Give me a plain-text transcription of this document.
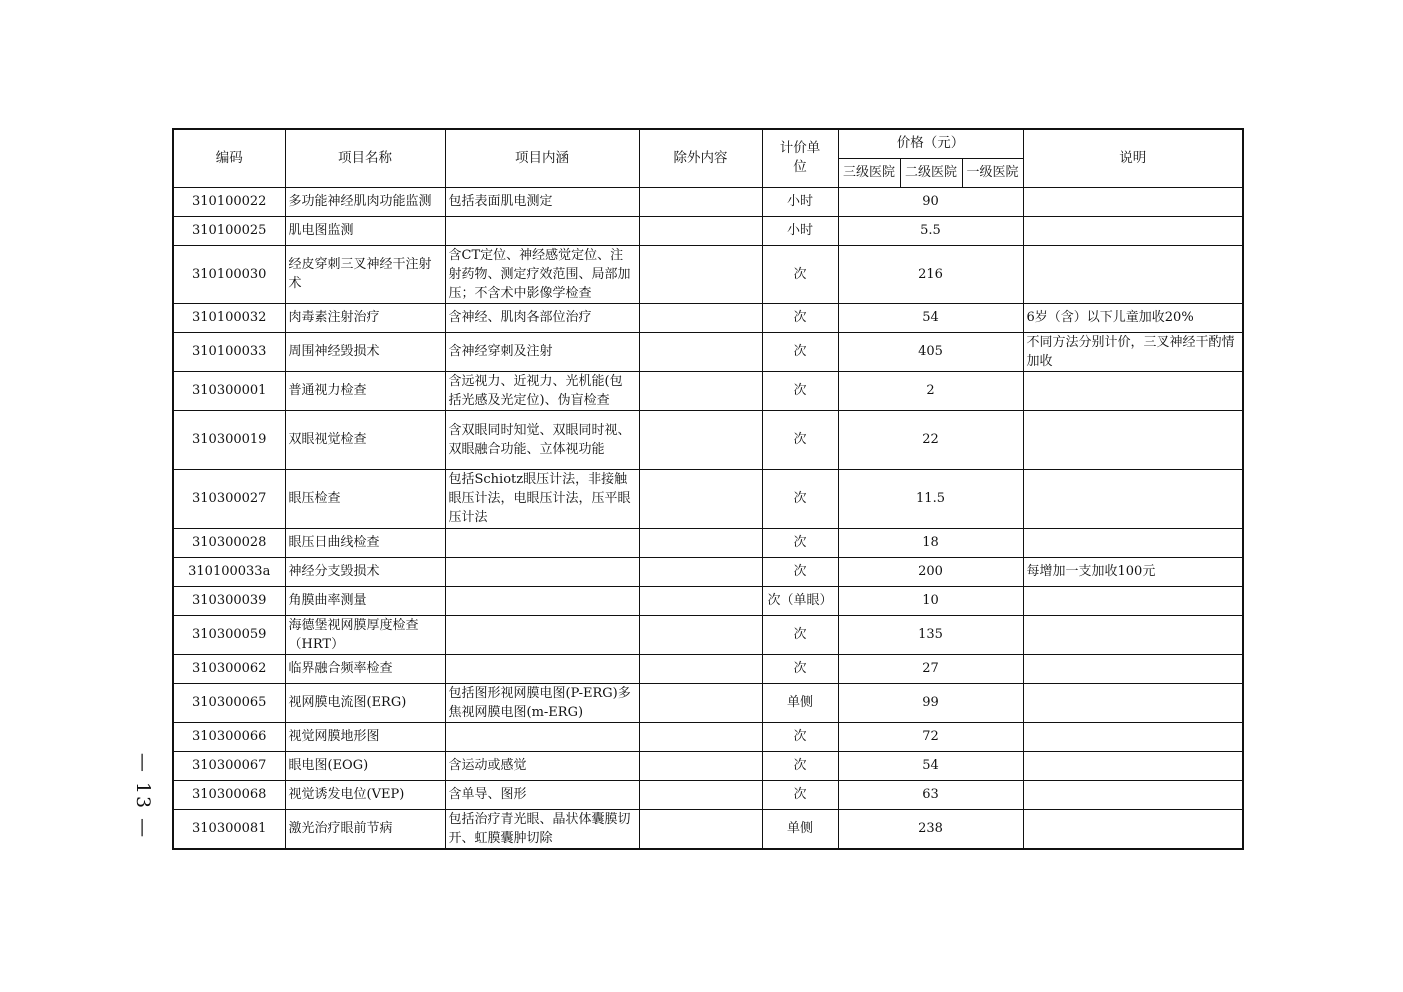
编码	项目名称	项目内涵	除外内容	计价单位	价格（元）			说明
					三级医院	二级医院	一级医院	
310100022	多功能神经肌肉功能监测	包括表面肌电测定		小时	90			
310100025	肌电图监测			小时	5.5			
310100030	经皮穿刺三叉神经干注射术	含CT定位、神经感觉定位、注射药物、测定疗效范围、局部加压；不含术中影像学检查		次	216			
310100032	肉毒素注射治疗	含神经、肌肉各部位治疗		次	54			6岁（含）以下儿童加收20%
310100033	周围神经毁损术	含神经穿刺及注射		次	405			不同方法分别计价，三叉神经干酌情加收
310300001	普通视力检查	含远视力、近视力、光机能(包括光感及光定位)、伪盲检查		次	2			
310300019	双眼视觉检查	含双眼同时知觉、双眼同时视、双眼融合功能、立体视功能		次	22			
310300027	眼压检查	包括Schiotz眼压计法，非接触眼压计法，电眼压计法，压平眼压计法		次	11.5			
310300028	眼压日曲线检查			次	18			
310100033a	神经分支毁损术			次	200			每增加一支加收100元
310300039	角膜曲率测量			次（单眼）	10			
310300059	海德堡视网膜厚度检查（HRT）			次	135			
310300062	临界融合频率检查			次	27			
310300065	视网膜电流图(ERG)	包括图形视网膜电图(P-ERG)多焦视网膜电图(m-ERG)		单侧	99			
310300066	视觉网膜地形图			次	72			
310300067	眼电图(EOG)	含运动或感觉		次	54			
310300068	视觉诱发电位(VEP)	含单导、图形		次	63			
310300081	激光治疗眼前节病	包括治疗青光眼、晶状体囊膜切开、虹膜囊肿切除		单侧	238			
— 13 —
